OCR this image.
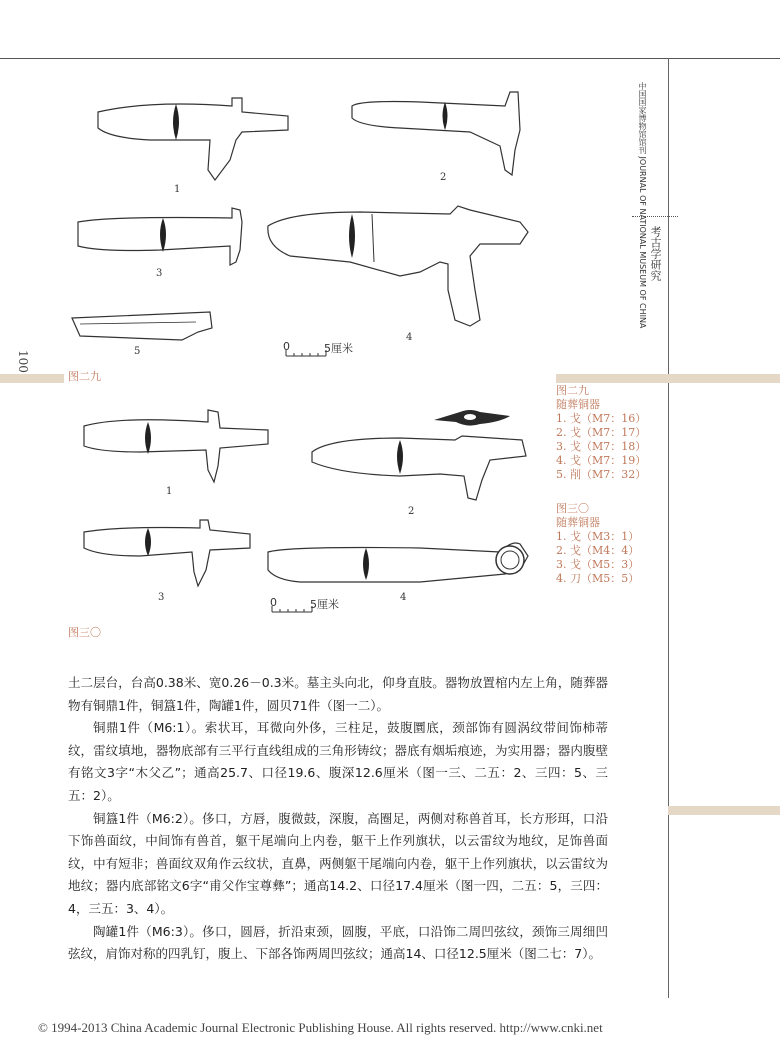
100
中国国家博物馆馆刊 JOURNAL OF NATIONAL MUSEUM OF CHINA 考古学研究
1
2
3
4
5	0	5厘米
图二九
1
2
3	4
0	5厘米
图三〇
图二九
随葬铜器
1. 戈（M7：16）
2. 戈（M7：17）
3. 戈（M7：18）
4. 戈（M7：19）
5. 削（M7：32）
图三〇
随葬铜器
1. 戈（M3：1）
2. 戈（M4：4）
3. 戈（M5：3）
4. 刀（M5：5）

土二层台，台高0.38米、宽0.26－0.3米。墓主头向北，仰身直肢。器物放置棺内左上角，随葬器物有铜鼎1件，铜簋1件，陶罐1件，圆贝71件（图一二）。

铜鼎1件（M6:1）。索状耳，耳微向外侈，三柱足，鼓腹圜底，颈部饰有圆涡纹带间饰柿蒂纹，雷纹填地，器物底部有三平行直线组成的三角形铸纹；器底有烟垢痕迹，为实用器；器内腹壁有铭文3字“木父乙”；通高25.7、口径19.6、腹深12.6厘米（图一三、二五：2、三四：5、三五：2）。

铜簋1件（M6:2）。侈口，方唇，腹微鼓，深腹，高圈足，两侧对称兽首耳，长方形珥，口沿下饰兽面纹，中间饰有兽首，躯干尾端向上内卷，躯干上作列旗状，以云雷纹为地纹，足饰兽面纹，中有短非；兽面纹双角作云纹状，直鼻，两侧躯干尾端向内卷，躯干上作列旗状，以云雷纹为地纹；器内底部铭文6字“甫父作宝尊彝”；通高14.2、口径17.4厘米（图一四，二五：5，三四：4，三五：3、4）。

陶罐1件（M6:3）。侈口，圆唇，折沿束颈，圆腹，平底，口沿饰二周凹弦纹，颈饰三周细凹弦纹，肩饰对称的四乳钉，腹上、下部各饰两周凹弦纹；通高14、口径12.5厘米（图二七：7）。

© 1994-2013 China Academic Journal Electronic Publishing House. All rights reserved. http://www.cnki.net
